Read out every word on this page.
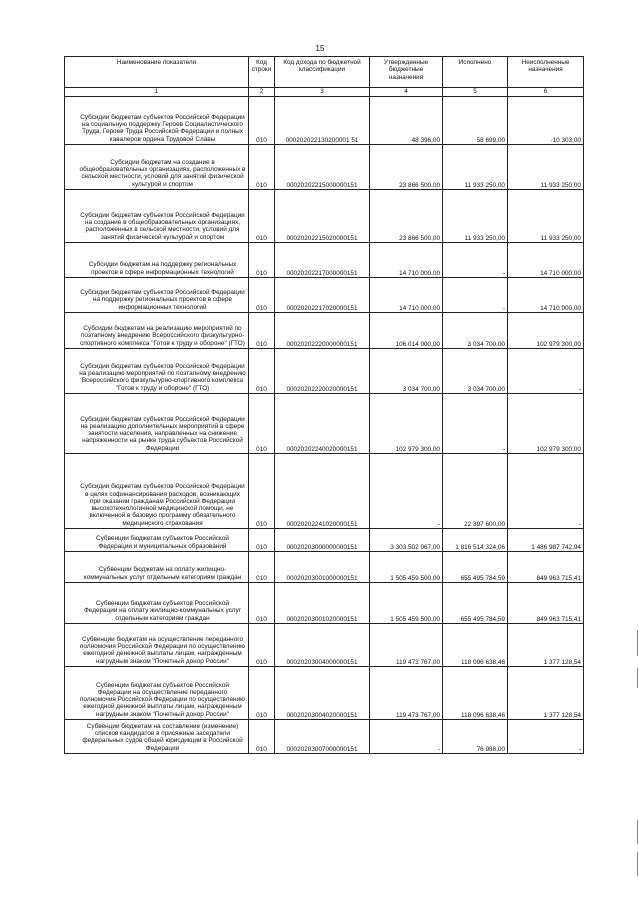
15
Наименование показателя	Код строки	Код дохода по бюджетной классификации	Утвержденные бюджетные назначения	Исполнено	Неисполненные назначения
1	2	3	4	5	6
Субсидии бюджетам субъектов Российской Федерации на социальную поддержку Героев Социалистического Труда, Героев Труда Российской Федерации и полных кавалеров ордена Трудовой Славы	010	000202022130200001 51	48 396,00	58 699,00	-10 303,00
Субсидии бюджетам на создание в общеобразовательных организациях, расположенных в сельской местности, условий для занятий физической культурой и спортом	010	00020202215000000151	23 866 500,00	11 933 250,00	11 933 250,00
Субсидии бюджетам субъектов Российской Федерации на создание в общеобразовательных организациях, расположенных в сельской местности, условий для занятий физической культурой и спортом	010	00020202215020000151	23 866 500,00	11 933 250,00	11 933 250,00
Субсидии бюджетам на поддержку региональных проектов в сфере информационных технологий	010	00020202217000000151	14 710 000,00	-	14 710 000,00
Субсидии бюджетам субъектов Российской Федерации на поддержку региональных проектов в сфере информационных технологий	010	00020202217020000151	14 710 000,00	-	14 710 000,00
Субсидии бюджетам на реализацию мероприятий по поэтапному внедрению Всероссийского физкультурно-спортивного комплекса "Готов к труду и обороне" (ГТО)	010	00020202220000000151	106 014 000,00	3 034 700,00	102 979 300,00
Субсидии бюджетам субъектов Российской Федерации на реализацию мероприятий по поэтапному внедрению Всероссийского физкультурно-спортивного комплекса "Готов к труду и обороне" (ГТО)	010	00020202220020000151	3 034 700,00	3 034 700,00	-
Субсидии бюджетам субъектов Российской Федерации на реализацию дополнительных мероприятий в сфере занятости населения, направленных на снижение напряженности на рынке труда субъектов Российской Федерации	010	00020202240020000151	102 979 300,00	-	102 979 300,00
Субсидии бюджетам субъектов Российской Федерации в целях софинансирования расходов, возникающих при оказании гражданам Российской Федерации высокотехнологичной медицинской помощи, не включенной в базовую программу обязательного медицинского страхования	010	00020202241020000151	-	22 397 600,00	-
Субвенции бюджетам субъектов Российской Федерации и муниципальных образований	010	00020203000000000151	3 303 502 067,00	1 816 514 324,06	1 486 987 742,94
Субвенции бюджетам на оплату жилищно-коммунальных услуг отдельным категориям граждан	010	00020203001000000151	1 505 459 500,00	655 495 784,59	849 963 715,41
Субвенции бюджетам субъектов Российской Федерации на оплату жилищно-коммунальных услуг отдельным категориям граждан	010	00020203001020000151	1 505 459 500,00	655 495 784,59	849 963 715,41
Субвенции бюджетам на осуществление переданного полномочия Российской Федерации по осуществлению ежегодной денежной выплаты лицам, награжденным нагрудным знаком "Почетный донор России"	010	00020203004000000151	119 473 767,00	118 096 638,46	1 377 128,54
Субвенции бюджетам субъектов Российской Федерации на осуществление переданного полномочия Российской Федерации по осуществлению ежегодной денежной выплаты лицам, награжденным нагрудным знаком "Почетный донор России"	010	00020203004020000151	119 473 767,00	118 096 638,46	1 377 128,54
Субвенции бюджетам на составление (изменение) списков кандидатов в присяжные заседатели федеральных судов общей юрисдикции в Российской Федерации	010	00020203007000000151	-	76 988,00	-
